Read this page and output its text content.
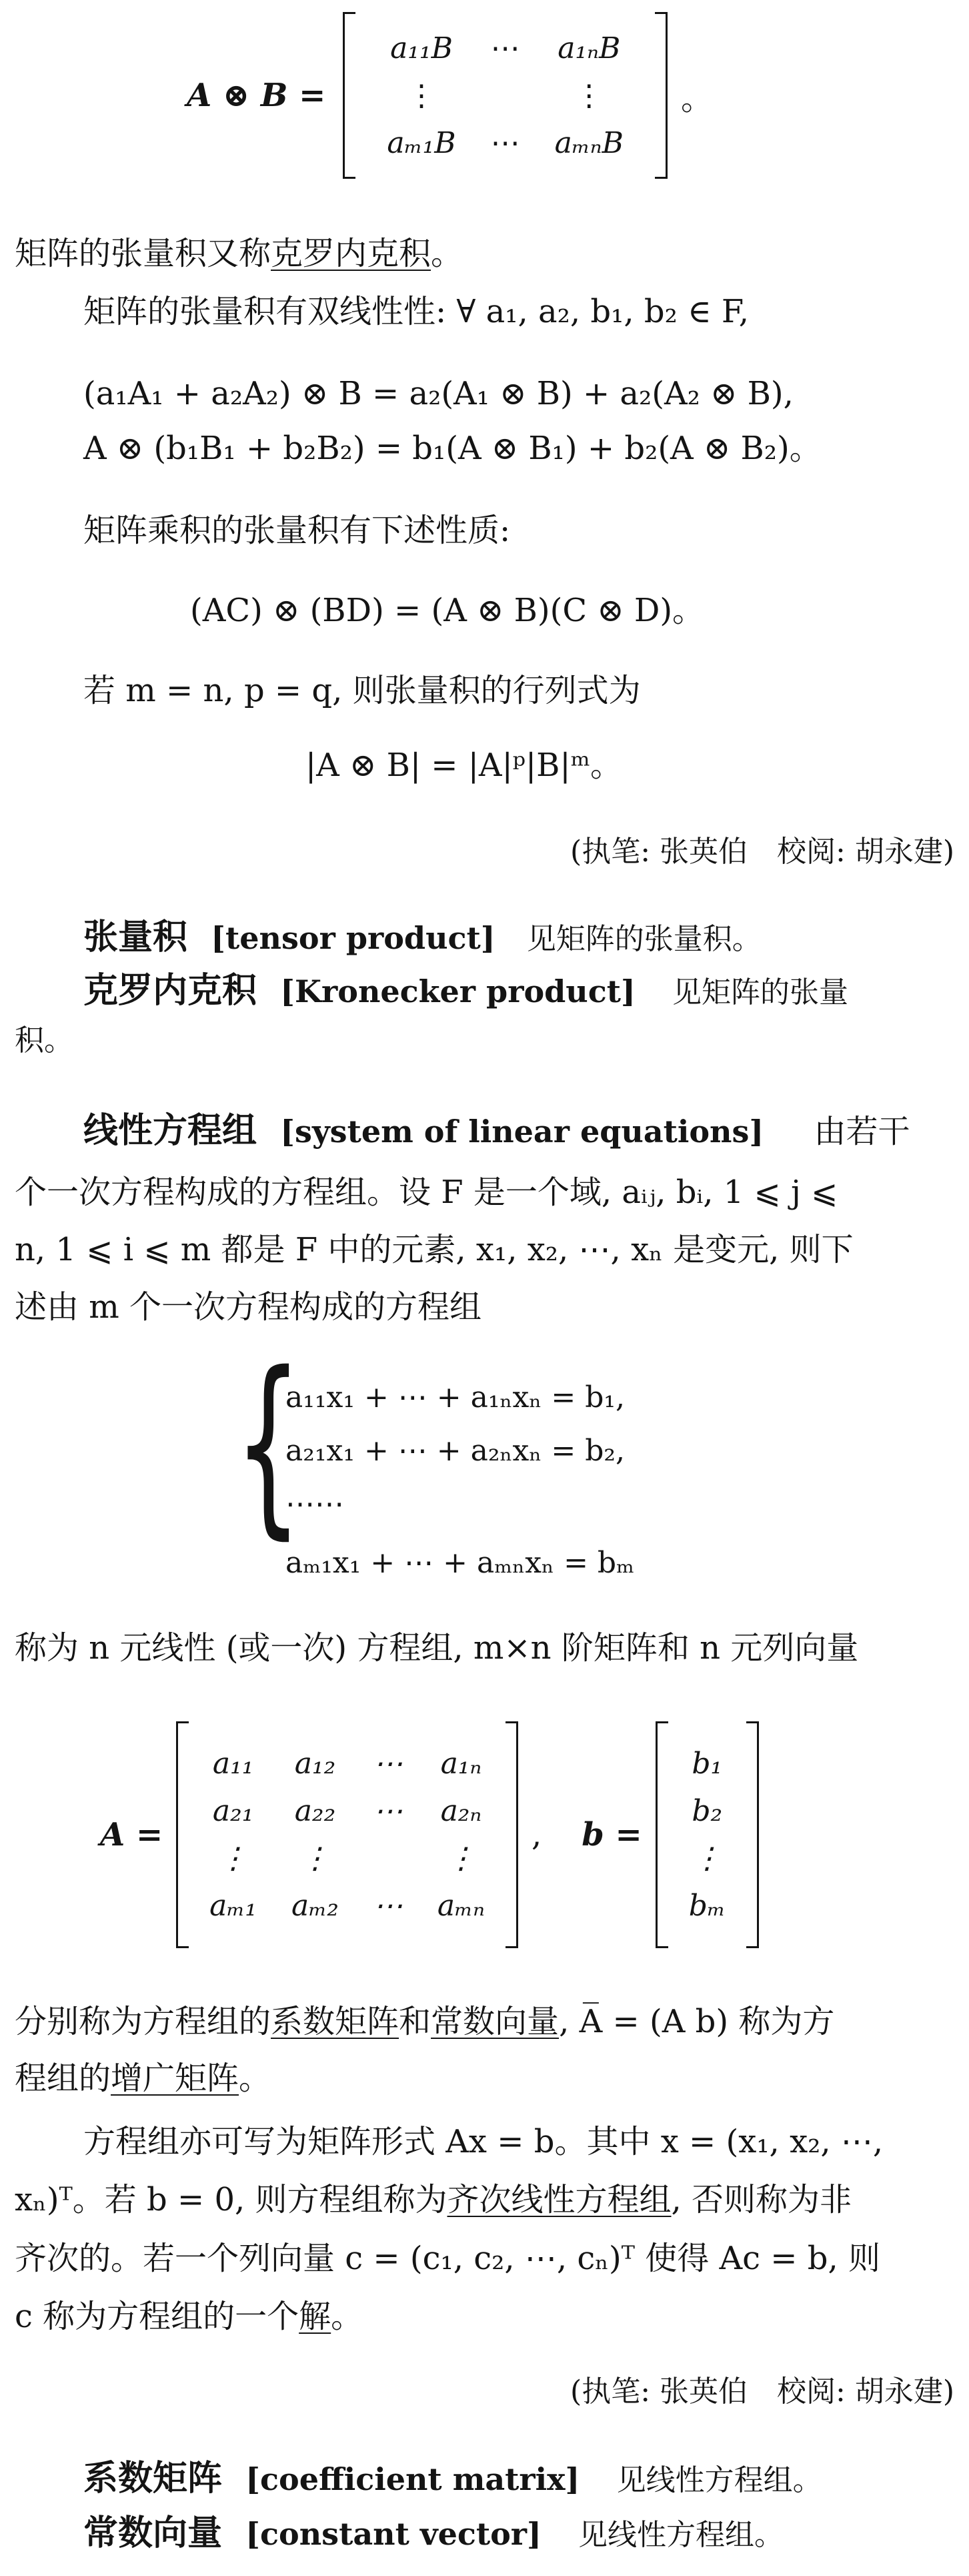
A ⊗ B =
a₁₁B	⋯	a₁ₙB
⋮		⋮
aₘ₁B	⋯	aₘₙB
。
矩阵的张量积又称克罗内克积。
矩阵的张量积有双线性性: ∀ a₁, a₂, b₁, b₂ ∈ F,
(a₁A₁ + a₂A₂) ⊗ B = a₂(A₁ ⊗ B) + a₂(A₂ ⊗ B),
A ⊗ (b₁B₁ + b₂B₂) = b₁(A ⊗ B₁) + b₂(A ⊗ B₂)。
矩阵乘积的张量积有下述性质:
(AC) ⊗ (BD) = (A ⊗ B)(C ⊗ D)。
若 m = n, p = q, 则张量积的行列式为
|A ⊗ B| = |A|ᵖ|B|ᵐ。
(执笔: 张英伯　校阅: 胡永建)
张量积 [tensor product] 见矩阵的张量积。
克罗内克积 [Kronecker product] 见矩阵的张量
积。
线性方程组 [system of linear equations] 由若干
个一次方程构成的方程组。设 F 是一个域, aᵢⱼ, bᵢ, 1 ⩽ j ⩽
n, 1 ⩽ i ⩽ m 都是 F 中的元素, x₁, x₂, ⋯, xₙ 是变元, 则下
述由 m 个一次方程构成的方程组
{
a₁₁x₁ + ⋯ + a₁ₙxₙ = b₁,
a₂₁x₁ + ⋯ + a₂ₙxₙ = b₂,
⋯⋯
aₘ₁x₁ + ⋯ + aₘₙxₙ = bₘ
称为 n 元线性 (或一次) 方程组, m×n 阶矩阵和 n 元列向量
A =
a₁₁	a₁₂	⋯	a₁ₙ
a₂₁	a₂₂	⋯	a₂ₙ
⋮	⋮		⋮
aₘ₁	aₘ₂	⋯	aₘₙ
, b =
b₁
b₂
⋮
bₘ
分别称为方程组的系数矩阵和常数向量, A̅ = (A b) 称为方
程组的增广矩阵。
方程组亦可写为矩阵形式 Ax = b。其中 x = (x₁, x₂, ⋯,
xₙ)ᵀ。若 b = 0, 则方程组称为齐次线性方程组, 否则称为非
齐次的。若一个列向量 c = (c₁, c₂, ⋯, cₙ)ᵀ 使得 Ac = b, 则
c 称为方程组的一个解。
(执笔: 张英伯　校阅: 胡永建)
系数矩阵 [coefficient matrix] 见线性方程组。
常数向量 [constant vector] 见线性方程组。
